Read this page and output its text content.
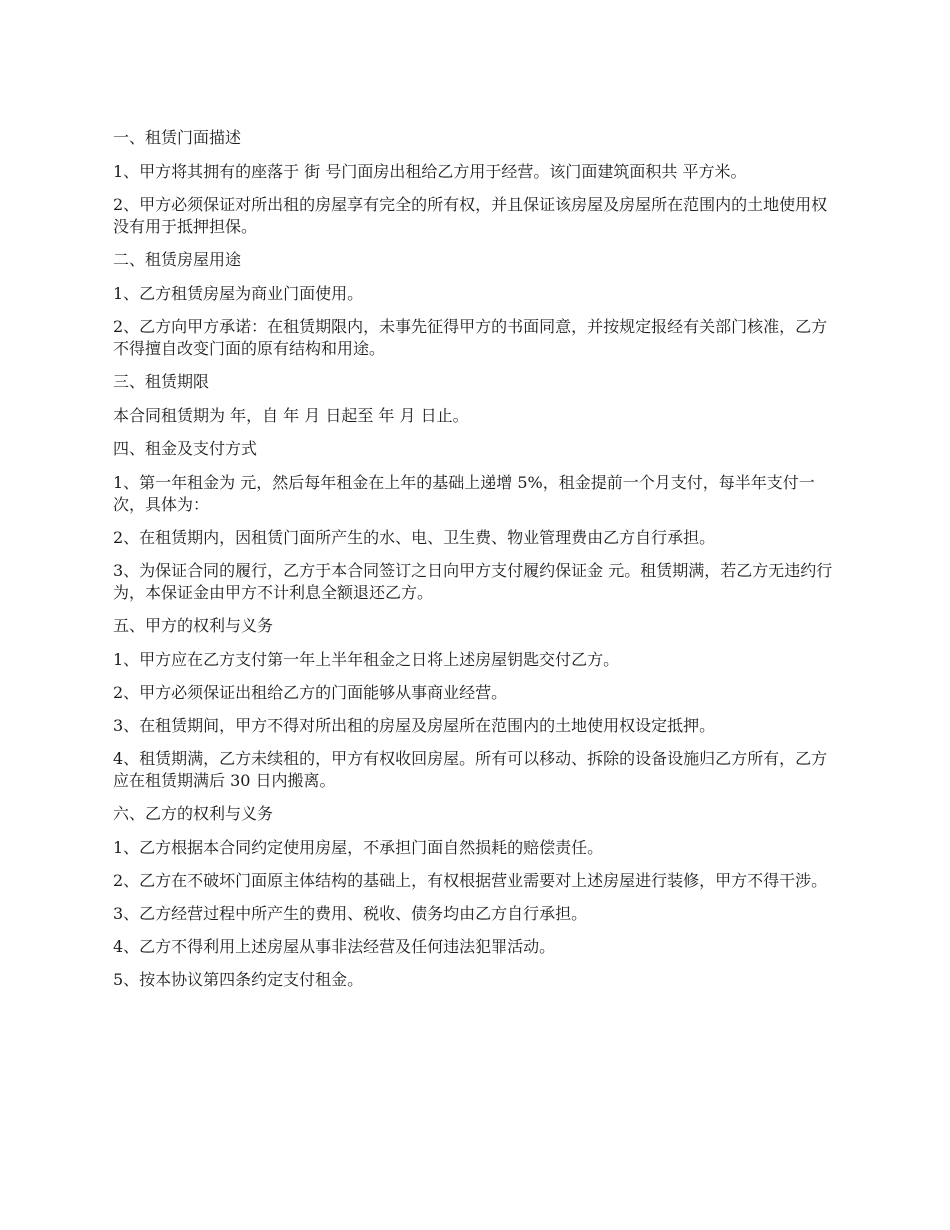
一、租赁门面描述

1、甲方将其拥有的座落于 街 号门面房出租给乙方用于经营。该门面建筑面积共 平方米。

2、甲方必须保证对所出租的房屋享有完全的所有权，并且保证该房屋及房屋所在范围内的土地使用权没有用于抵押担保。

二、租赁房屋用途

1、乙方租赁房屋为商业门面使用。

2、乙方向甲方承诺：在租赁期限内，未事先征得甲方的书面同意，并按规定报经有关部门核准，乙方不得擅自改变门面的原有结构和用途。

三、租赁期限

本合同租赁期为 年，自 年 月 日起至 年 月 日止。

四、租金及支付方式

1、第一年租金为 元，然后每年租金在上年的基础上递增 5%，租金提前一个月支付，每半年支付一次，具体为：

2、在租赁期内，因租赁门面所产生的水、电、卫生费、物业管理费由乙方自行承担。

3、为保证合同的履行，乙方于本合同签订之日向甲方支付履约保证金 元。租赁期满，若乙方无违约行为，本保证金由甲方不计利息全额退还乙方。

五、甲方的权利与义务

1、甲方应在乙方支付第一年上半年租金之日将上述房屋钥匙交付乙方。

2、甲方必须保证出租给乙方的门面能够从事商业经营。

3、在租赁期间，甲方不得对所出租的房屋及房屋所在范围内的土地使用权设定抵押。

4、租赁期满，乙方未续租的，甲方有权收回房屋。所有可以移动、拆除的设备设施归乙方所有，乙方应在租赁期满后 30 日内搬离。

六、乙方的权利与义务

1、乙方根据本合同约定使用房屋，不承担门面自然损耗的赔偿责任。

2、乙方在不破坏门面原主体结构的基础上，有权根据营业需要对上述房屋进行装修，甲方不得干涉。

3、乙方经营过程中所产生的费用、税收、债务均由乙方自行承担。

4、乙方不得利用上述房屋从事非法经营及任何违法犯罪活动。

5、按本协议第四条约定支付租金。
